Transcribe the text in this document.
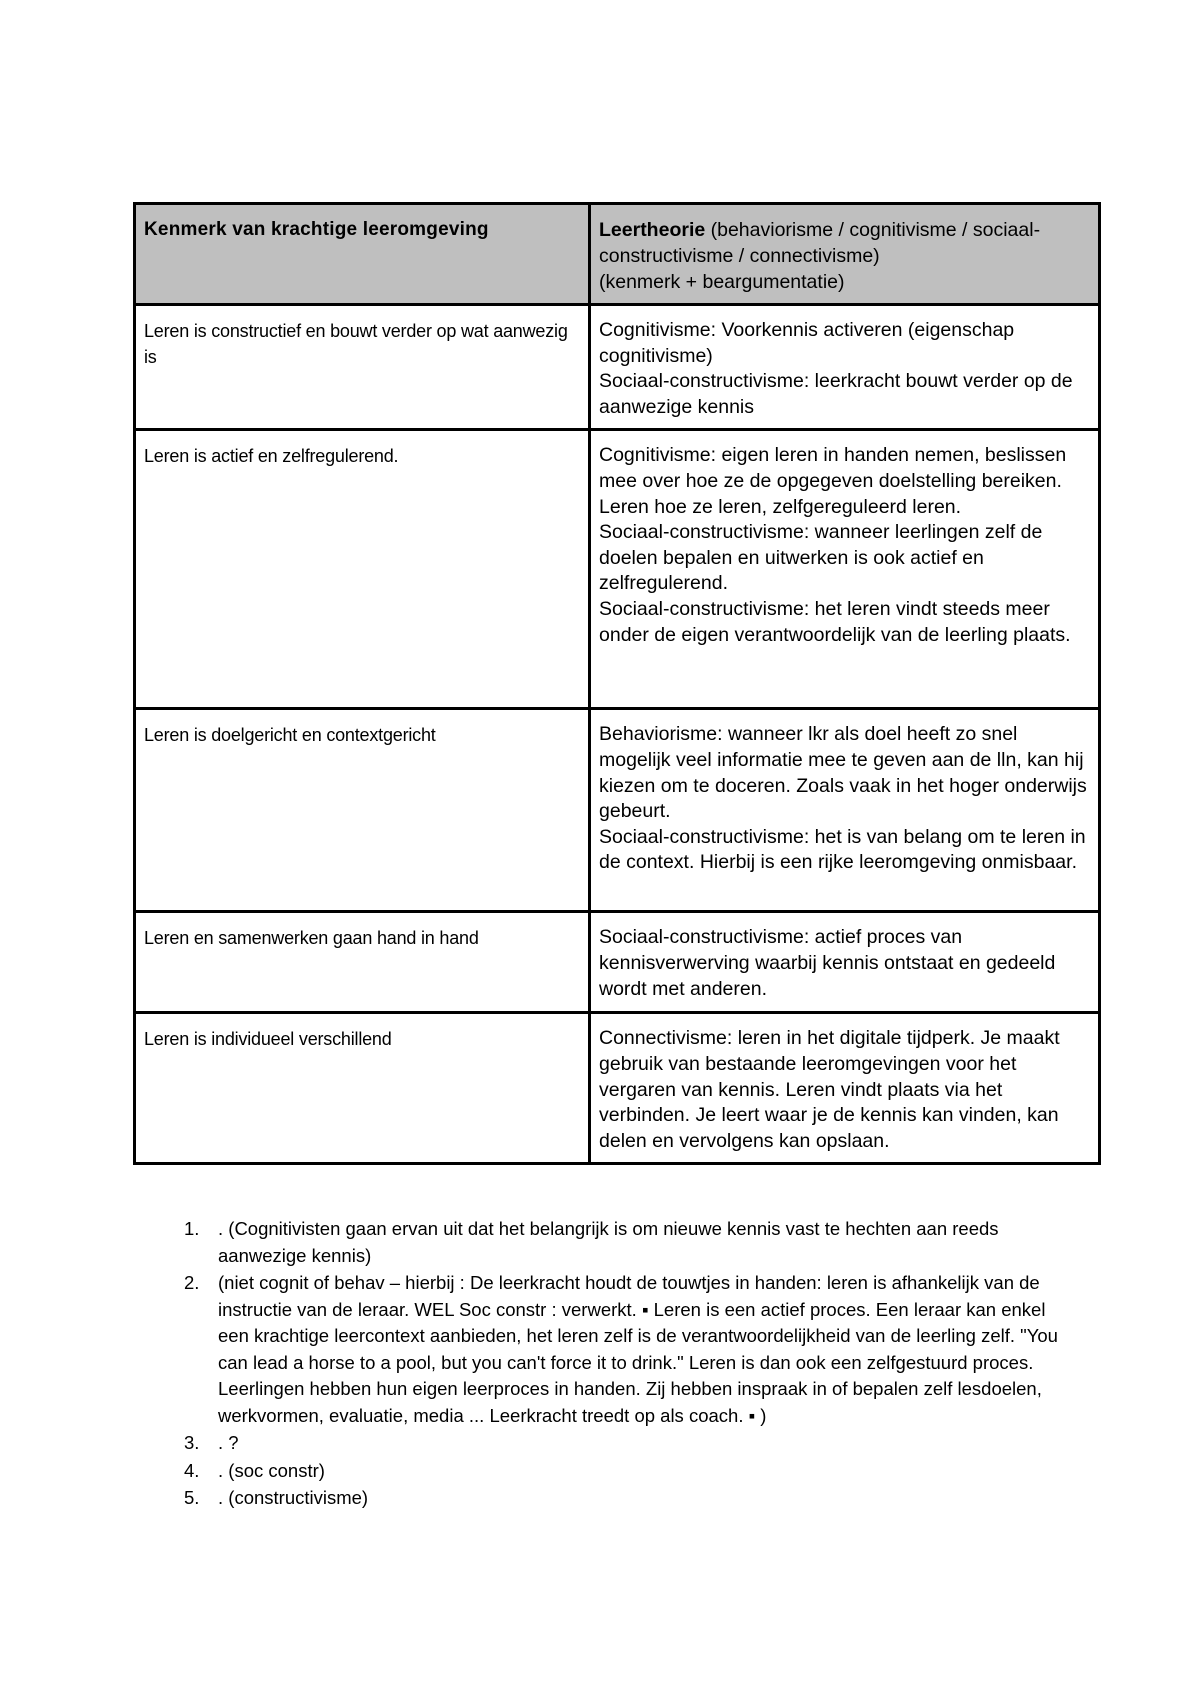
Kenmerk van krachtige leeromgeving	Leertheorie (behaviorisme / cognitivisme / sociaal-constructivisme / connectivisme)
(kenmerk + beargumentatie)

Leren is constructief en bouwt verder op wat aanwezig is	Cognitivisme: Voorkennis activeren (eigenschap cognitivisme)
Sociaal-constructivisme: leerkracht bouwt verder op de aanwezige kennis

Leren is actief en zelfregulerend.	Cognitivisme: eigen leren in handen nemen, beslissen mee over hoe ze de opgegeven doelstelling bereiken. Leren hoe ze leren, zelfgereguleerd leren.
Sociaal-constructivisme: wanneer leerlingen zelf de doelen bepalen en uitwerken is ook actief en zelfregulerend.
Sociaal-constructivisme: het leren vindt steeds meer onder de eigen verantwoordelijk van de leerling plaats.

Leren is doelgericht en contextgericht	Behaviorisme: wanneer lkr als doel heeft zo snel mogelijk veel informatie mee te geven aan de lln, kan hij kiezen om te doceren. Zoals vaak in het hoger onderwijs gebeurt.
Sociaal-constructivisme: het is van belang om te leren in de context. Hierbij is een rijke leeromgeving onmisbaar.

Leren en samenwerken gaan hand in hand	Sociaal-constructivisme: actief proces van kennisverwerving waarbij kennis ontstaat en gedeeld wordt met anderen.

Leren is individueel verschillend	Connectivisme: leren in het digitale tijdperk. Je maakt gebruik van bestaande leeromgevingen voor het vergaren van kennis. Leren vindt plaats via het verbinden. Je leert waar je de kennis kan vinden, kan delen en vervolgens kan opslaan.
1. . (Cognitivisten gaan ervan uit dat het belangrijk is om nieuwe kennis vast te hechten aan reeds aanwezige kennis)
2. (niet cognit of behav – hierbij : De leerkracht houdt de touwtjes in handen: leren is afhankelijk van de instructie van de leraar. WEL Soc constr : verwerkt. ▪ Leren is een actief proces. Een leraar kan enkel een krachtige leercontext aanbieden, het leren zelf is de verantwoordelijkheid van de leerling zelf. "You can lead a horse to a pool, but you can't force it to drink." Leren is dan ook een zelfgestuurd proces. Leerlingen hebben hun eigen leerproces in handen. Zij hebben inspraak in of bepalen zelf lesdoelen, werkvormen, evaluatie, media ... Leerkracht treedt op als coach. ▪ )
3. . ?
4. . (soc constr)
5. . (constructivisme)
